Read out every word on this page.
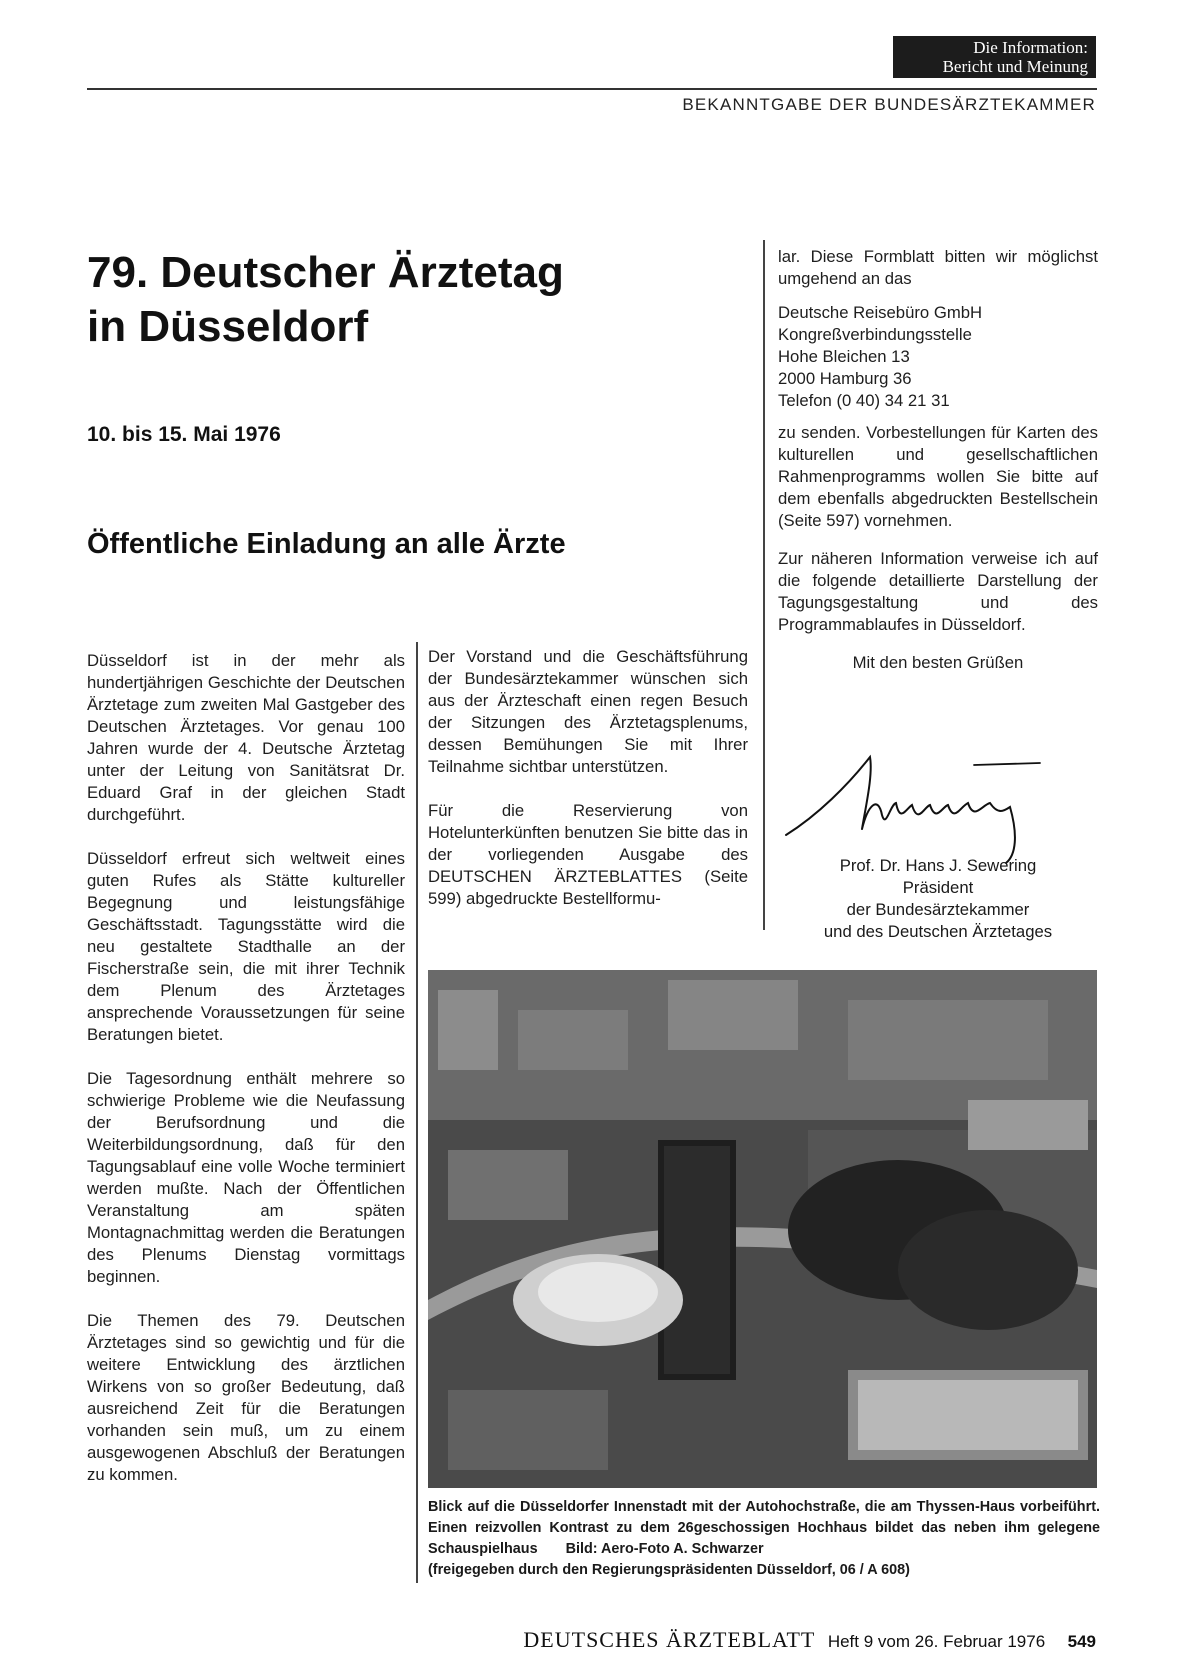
Die Information:
Bericht und Meinung
BEKANNTGABE DER BUNDESÄRZTEKAMMER
79. Deutscher Ärztetag
in Düsseldorf
10. bis 15. Mai 1976
Öffentliche Einladung an alle Ärzte

Düsseldorf ist in der mehr als hundertjährigen Geschichte der Deutschen Ärztetage zum zweiten Mal Gastgeber des Deutschen Ärztetages. Vor genau 100 Jahren wurde der 4. Deutsche Ärztetag unter der Leitung von Sanitätsrat Dr. Eduard Graf in der gleichen Stadt durchgeführt.

Düsseldorf erfreut sich weltweit eines guten Rufes als Stätte kultureller Begegnung und leistungsfähige Geschäftsstadt. Tagungsstätte wird die neu gestaltete Stadthalle an der Fischerstraße sein, die mit ihrer Technik dem Plenum des Ärztetages ansprechende Voraussetzungen für seine Beratungen bietet.

Die Tagesordnung enthält mehrere so schwierige Probleme wie die Neufassung der Berufsordnung und die Weiterbildungsordnung, daß für den Tagungsablauf eine volle Woche terminiert werden mußte. Nach der Öffentlichen Veranstaltung am späten Montagnachmittag werden die Beratungen des Plenums Dienstag vormittags beginnen.

Die Themen des 79. Deutschen Ärztetages sind so gewichtig und für die weitere Entwicklung des ärztlichen Wirkens von so großer Bedeutung, daß ausreichend Zeit für die Beratungen vorhanden sein muß, um zu einem ausgewogenen Abschluß der Beratungen zu kommen.

Der Vorstand und die Geschäftsführung der Bundesärztekammer wünschen sich aus der Ärzteschaft einen regen Besuch der Sitzungen des Ärztetagsplenums, dessen Bemühungen Sie mit Ihrer Teilnahme sichtbar unterstützen.

Für die Reservierung von Hotelunterkünften benutzen Sie bitte das in der vorliegenden Ausgabe des DEUTSCHEN ÄRZTEBLATTES (Seite 599) abgedruckte Bestellformu-

lar. Diese Formblatt bitten wir möglichst umgehend an das

Deutsche Reisebüro GmbH
Kongreßverbindungsstelle
Hohe Bleichen 13
2000 Hamburg 36
Telefon (0 40) 34 21 31

zu senden. Vorbestellungen für Karten des kulturellen und gesellschaftlichen Rahmenprogramms wollen Sie bitte auf dem ebenfalls abgedruckten Bestellschein (Seite 597) vornehmen.

Zur näheren Information verweise ich auf die folgende detaillierte Darstellung der Tagungsgestaltung und des Programmablaufes in Düsseldorf.

Mit den besten Grüßen

Prof. Dr. Hans J. Sewering
Präsident
der Bundesärztekammer
und des Deutschen Ärztetages
Blick auf die Düsseldorfer Innenstadt mit der Autohochstraße, die am Thyssen-Haus vorbeiführt. Einen reizvollen Kontrast zu dem 26geschossigen Hochhaus bildet das neben ihm gelegene Schauspielhaus Bild: Aero-Foto A. Schwarzer
(freigegeben durch den Regierungspräsidenten Düsseldorf, 06 / A 608)
DEUTSCHES ÄRZTEBLATT Heft 9 vom 26. Februar 1976 549
